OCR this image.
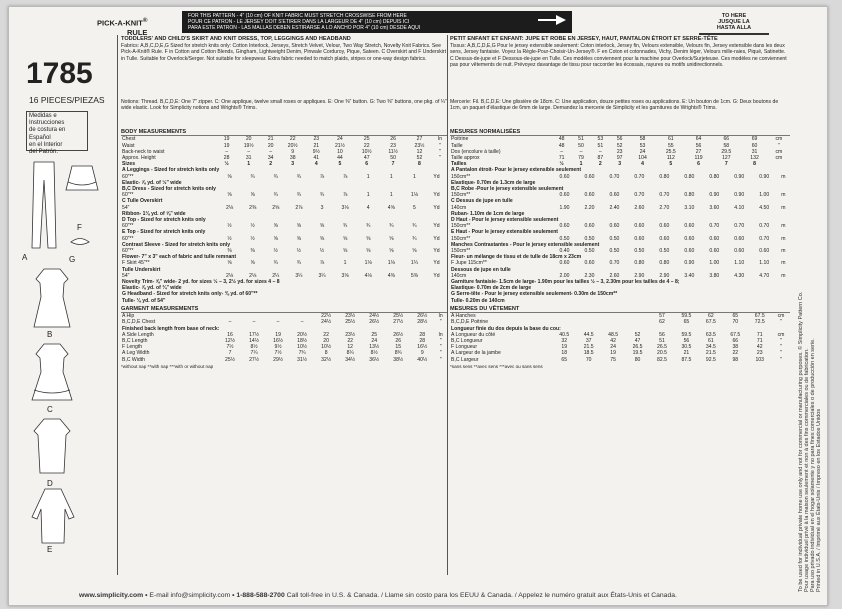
PICK-A-KNIT®
RULE
FOR THIS PATTERN - 4" (10 cm) OF KNIT FABRIC MUST STRETCH CROSSWISE FROM HERE
POUR CE PATRON - LE JERSEY DOIT S'ETIRER DANS LA LARGEUR DE 4" (10 cm) DEPUIS ICI
PARA ESTE PATRON - LAS MALLAS DEBEN ESTIRARSE A LO ANCHO POR 4" (10 cm) DESDE AQUI
TO HERE
JUSQUE LA
HASTA ALLA
1785
16 PIECES/PIEZAS
Medidas e Instrucciones
de costura en Español
en el Interior
del Patrón.
F
A	G
B
C
D
E
TODDLERS' AND CHILD'S SKIRT AND KNIT DRESS, TOP, LEGGINGS AND HEADBAND
Fabrics: A,B,C,D,E,G Sized for stretch knits only: Cotton Interlock, Jerseys, Stretch Velvet, Velour, Two Way Stretch, Novelty Knit Fabrics. See Pick-A-Knit® Rule. F in Cotton and Cotton Blends, Gingham, Lightweight Denim, Pinwale Corduroy, Pique, Sateen. C Overskirt and F Underskirt in Tulle. Suitable for Overlock/Serger. Not suitable for sleepwear. Extra fabric needed to match plaids, stripes or one-way design fabrics.
Notions: Thread. B,C,D,E: One 7" zipper. C: One applique, twelve small roses or appliques. E: One ⅜" button. G: Two ⅜" buttons, one pkg. of ¼" wide elastic. Look for Simplicity notions and Wrights® Trims.
BODY MEASUREMENTS
Chest	19	20	21	22	23	24	25	26	27	In
Waist	19	19½	20	20½	21	21½	22	23	23½	"
Back-neck to waist	–	–	–	9	9½	10	10½	11½	12	"
Approx. Height	28	31	34	38	41	44	47	50	52	"
Sizes	½	1	2	3	4	5	6	7	8	
A Leggings - Sized for stretch knits only										
60"**	⅝	¾	¾	¾	⅞	⅞	1	1	1	Yd
Elastic- ⅞ yd. of ½" wide										
B,C Dress - Sized for stretch knits only										
60"**	⅝	⅝	¾	¾	¾	⅞	1	1	1⅛	Yd
C Tulle Overskirt										
54"	2⅛	2⅜	2⅝	2⅞	3	3⅛	4	4⅝	5	Yd
Ribbon- 1⅛ yd. of ⅝" wide										
D Top - Sized for stretch knits only										
60"**	½	½	⅝	⅝	⅝	¾	¾	¾	¾	Yd
E Top - Sized for stretch knits only										
60"**	½	½	⅝	⅝	⅝	⅝	⅝	⅝	¾	Yd
Contrast Sleeve - Sized for stretch knits only										
60"**	⅜	⅜	½	½	½	⅝	⅝	⅝	⅝	Yd
Flower- 7" x 3" each of fabric and tulle remnant										
F Skirt 45"**	⅝	⅝	¾	¾	⅞	1	1⅛	1⅛	1¼	Yd
Tulle Underskirt										
54"	2⅛	2⅛	2¼	3¼	3¼	3⅝	4⅛	4⅜	5⅜	Yd
Novelty Trim- ⅝" wide- 2 yd. for sizes ½ – 3, 2½ yd. for sizes 4 – 8										
Elastic- ⅞ yd. of ¾" wide										
G Headband - Sized for stretch knits only- ⅜ yd. of 60"**										
Tulle- ⅛ yd. of 54"										
GARMENT MEASUREMENTS
A Hip					22½	23½	24½	25½	26½	In
B,C,D,E Chest	–	–	–	–	24½	25½	26½	27½	28½	"
Finished back length from base of neck:										
A Side Length	16	17½	19	20½	22	23½	25	26½	28	In
B,C Length	12½	14½	16½	18½	20	22	24	26	28	"
F Length	7½	8½	9½	10½	10½	12	13½	15	16½	"
A Leg Width	7	7¼	7½	7¾	8	8¼	8½	8¾	9	"
B,C Width	25½	27½	29½	31½	32½	34½	36½	38½	40½	"
*without nap **with nap ***with or without nap
PETIT ENFANT ET ENFANT: JUPE ET ROBE EN JERSEY, HAUT, PANTALON ÉTROIT ET SERRE-TÊTE
Tissus: A,B,C,D,E,G Pour le jersey extensible seulement: Coton interlock, Jersey fin, Velours extensible, Velours fin, Jersey extensible dans les deux sens, Jersey fantaisie. Voyez la Règle-Pour-Choisir-Un-Jersey®. F en Coton et cotonnades, Vichy, Denim léger, Velours mille-raies, Piqué, Satinette. C Dessus-de-jupe et F Dessous-de-jupe en Tulle. Ces modèles conviennent pour la machine pour Overlock/Surjeteuse. Ces modèles ne conviennent pas pour vêtements de nuit. Prévoyez davantage de tissu pour raccorder les écossais, rayures ou motifs unidirectionnels.
Mercerie: Fil. B,C,D,E: Une glissière de 18cm. C: Une application, douze petites roses ou applications. E: Un bouton de 1cm. G: Deux boutons de 1cm, un paquet d'élastique de 6mm de large. Demandez la mercerie de Simplicity et les garnitures de Wrights® Trims.
MESURES NORMALISÉES
Poitrine	48	51	53	56	58	61	64	66	69	cm
Taille	48	50	51	52	53	55	56	58	60	"
Dos (encolure à taille)	–	–	–	23	24	25.5	27	29.5	31	cm
Taille approx	71	79	87	97	104	112	119	127	132	cm
Tailles	½	1	2	3	4	5	6	7	8	
A Pantalon étroit- Pour le jersey extensible seulement										
150cm**	0.60	0.60	0.70	0.70	0.80	0.80	0.80	0.90	0.90	m
Elastique- 0.70m de 1.3cm de large										
B,C Robe -Pour le jersey extensible seulement										
150cm**	0.60	0.60	0.60	0.70	0.70	0.80	0.90	0.90	1.00	m
C Dessus de jupe en tulle										
140cm	1.90	2.20	2.40	2.60	2.70	3.10	3.60	4.10	4.50	m
Ruban- 1.10m de 1cm de large										
D Haut - Pour le jersey extensible seulement										
150cm**	0.60	0.60	0.60	0.60	0.60	0.60	0.70	0.70	0.70	m
E Haut - Pour le jersey extensible seulement										
150cm**	0.50	0.50	0.50	0.60	0.60	0.60	0.60	0.60	0.70	m
Manches Contrastantes - Pour le jersey extensible seulement										
150cm**	0.40	0.50	0.50	0.50	0.50	0.60	0.60	0.60	0.60	m
Fleur- un mélange de tissu et de tulle de 18cm x 23cm										
F Jupe 115cm**	0.60	0.60	0.70	0.80	0.80	0.90	1.00	1.10	1.10	m
Dessous de jupe en tulle										
140cm	2.00	2.30	2.60	2.90	2.90	3.40	3.80	4.30	4.70	m
Garniture fantaisie- 1.5cm de large- 1.90m pour les tailles ½ – 3, 2.30m pour les tailles de 4 – 8;										
Elastique- 0.70m de 2cm de large										
G Serre-tête - Pour le jersey extensible seulement- 0.30m de 150cm**										
Tulle- 0.20m de 140cm										
MESURES DU VÊTEMENT
A Hanches					57	59.5	62	65	67.5	cm
B,C,D,E Poitrine					62	65	67.5	70	72.5	"
Longueur finie du dos depuis la base du cou:										
A Longueur du côté	40.5	44.5	48.5	52	56	59.5	63.5	67.5	71	cm
B,C Longueur	32	37	42	47	51	56	61	66	71	"
F Longueur	19	21.5	24	26.5	26.5	30.5	34.5	38	42	"
A Largeur de la jambe	18	18.5	19	19.5	20.5	21	21.5	22	23	"
B,C Largeur	65	70	75	80	82.5	87.5	92.5	98	103	"
*sans sens **avec sens ***avec ou sans sens	To be used for individual private home use only and not for commercial or manufacturing purposes. © Simplicity Pattern Co. Pour usage individuel privé à la maison seulement et non à des fins commerciales ou de fabrication. Para uso privado individual en el hogar solamente y no para fines comerciales o de producción en serie. Printed in U.S.A. / Imprimé aux États-Unis / Impreso en los Estados Unidos
www.simplicity.com • E-mail info@simplicity.com • 1-888-588-2700 Call toll-free in U.S. & Canada. / Llame sin costo para los EEUU & Canada. / Appelez le numéro gratuit aux États-Unis et Canada.
